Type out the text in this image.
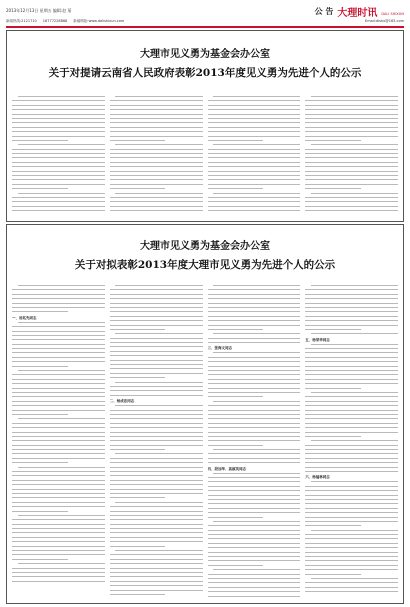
2013年12月13日 星期五 编辑:赵 菊	公 告 大理时讯 DALI SHIXUN
新闻热线:2121710 18777228888 新闻网址:www.dalishixun.com	Email:dlshx@163.com
大理市见义勇为基金会办公室
关于对提请云南省人民政府表彰2013年度见义勇为先进个人的公示
大理市见义勇为基金会办公室
关于对拟表彰2013年度大理市见义勇为先进个人的公示
一、汤兆先同志
二、杨成忠同志
三、张海文同志
四、段加华、高淑英同志
五、杨荣华同志
六、杨福林同志
